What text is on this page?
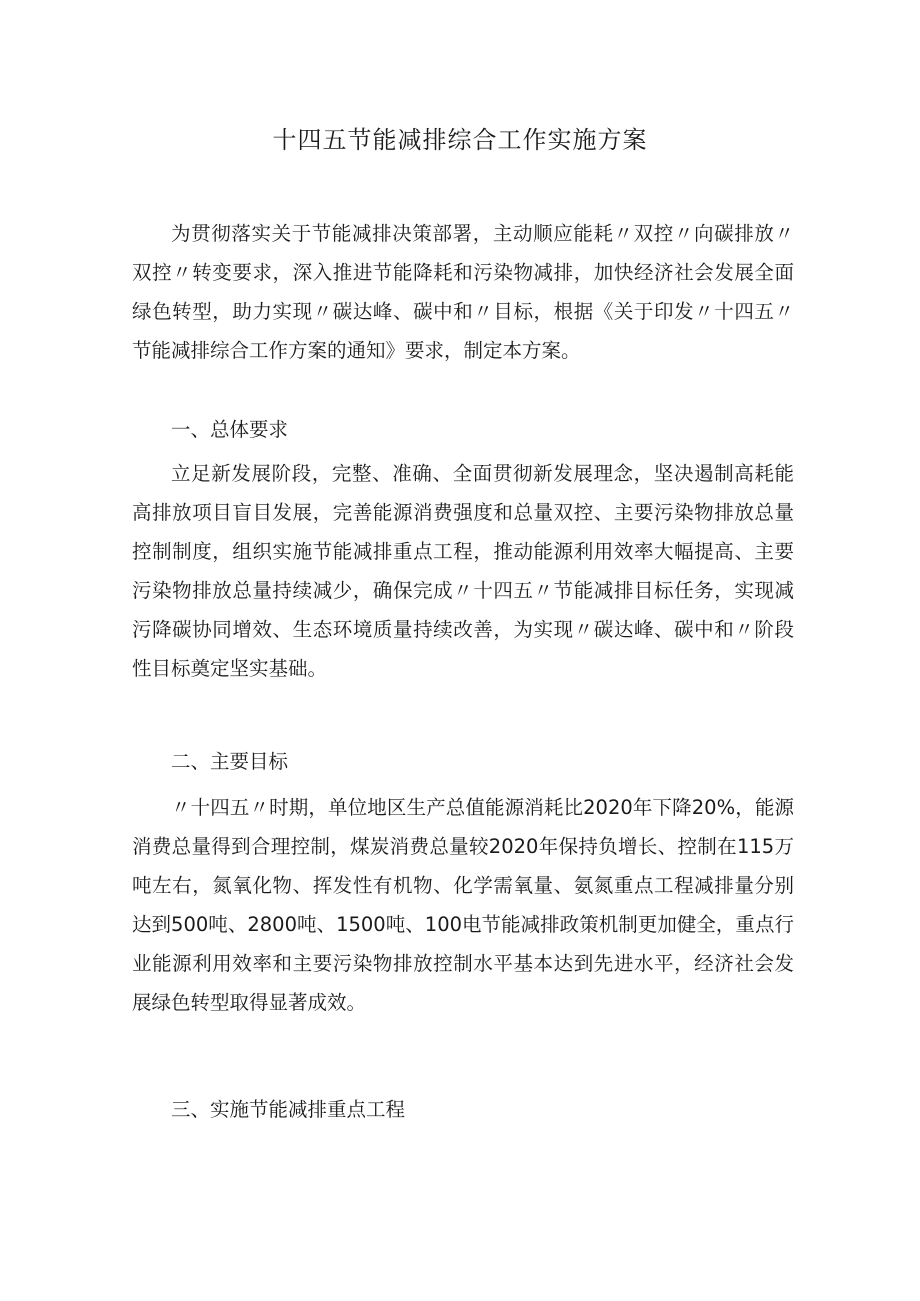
十四五节能减排综合工作实施方案

为贯彻落实关于节能减排决策部署，主动顺应能耗〃双控〃向碳排放〃双控〃转变要求，深入推进节能降耗和污染物减排，加快经济社会发展全面绿色转型，助力实现〃碳达峰、碳中和〃目标，根据《关于印发〃十四五〃节能减排综合工作方案的通知》要求，制定本方案。

一、总体要求

立足新发展阶段，完整、准确、全面贯彻新发展理念，坚决遏制高耗能高排放项目盲目发展，完善能源消费强度和总量双控、主要污染物排放总量控制制度，组织实施节能减排重点工程，推动能源利用效率大幅提高、主要污染物排放总量持续减少，确保完成〃十四五〃节能减排目标任务，实现减污降碳协同增效、生态环境质量持续改善，为实现〃碳达峰、碳中和〃阶段性目标奠定坚实基础。

二、主要目标

〃十四五〃时期，单位地区生产总值能源消耗比2020年下降20%，能源消费总量得到合理控制，煤炭消费总量较2020年保持负增长、控制在115万吨左右，氮氧化物、挥发性有机物、化学需氧量、氨氮重点工程减排量分别达到500吨、2800吨、1500吨、100电节能减排政策机制更加健全，重点行业能源利用效率和主要污染物排放控制水平基本达到先进水平，经济社会发展绿色转型取得显著成效。

三、实施节能减排重点工程
